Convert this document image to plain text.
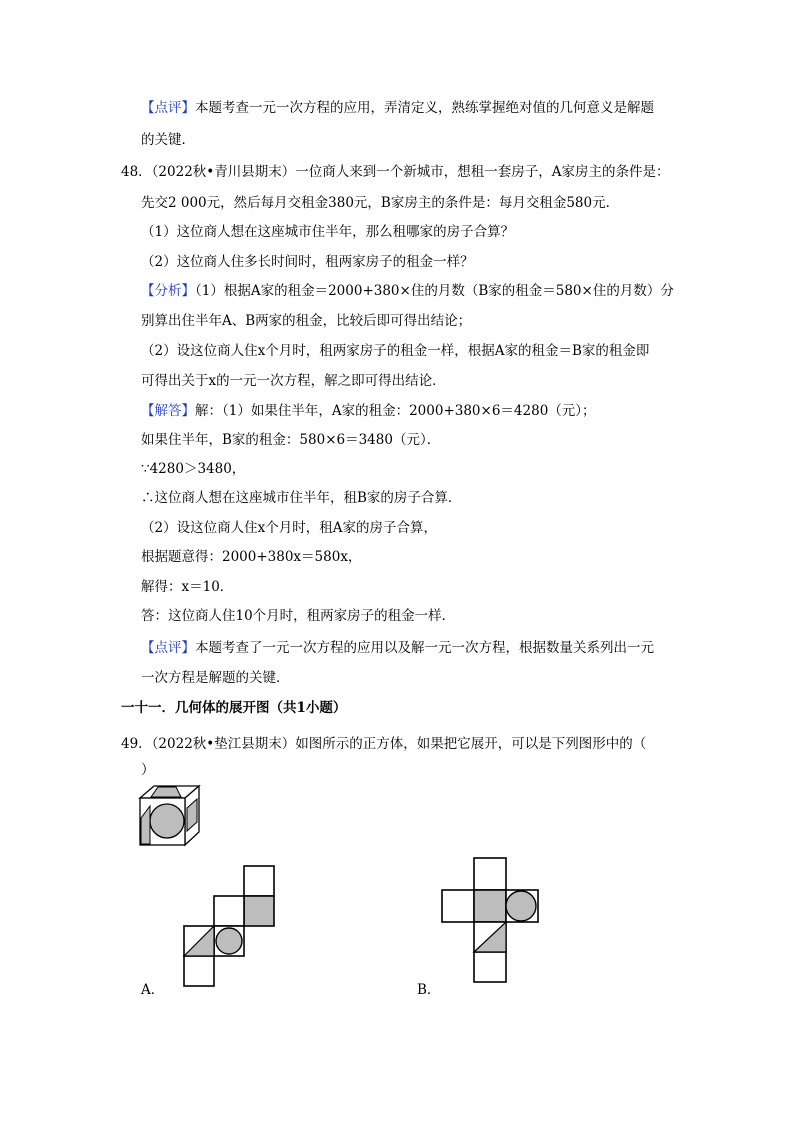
【点评】本题考查一元一次方程的应用，弄清定义，熟练掌握绝对值的几何意义是解题
的关键．
48．（2022秋•青川县期末）一位商人来到一个新城市，想租一套房子，A家房主的条件是：
先交2 000元，然后每月交租金380元，B家房主的条件是：每月交租金580元．
（1）这位商人想在这座城市住半年，那么租哪家的房子合算？
（2）这位商人住多长时间时，租两家房子的租金一样？
【分析】（1）根据A家的租金＝2000+380×住的月数（B家的租金＝580×住的月数）分
别算出住半年A、B两家的租金，比较后即可得出结论；
（2）设这位商人住x个月时，租两家房子的租金一样，根据A家的租金＝B家的租金即
可得出关于x的一元一次方程，解之即可得出结论．
【解答】解：（1）如果住半年，A家的租金：2000+380×6＝4280（元）；
如果住半年，B家的租金：580×6＝3480（元）．
∵4280＞3480，
∴这位商人想在这座城市住半年，租B家的房子合算．
（2）设这位商人住x个月时，租A家的房子合算，
根据题意得：2000+380x＝580x，
解得：x＝10．
答：这位商人住10个月时，租两家房子的租金一样．
【点评】本题考查了一元一次方程的应用以及解一元一次方程，根据数量关系列出一元
一次方程是解题的关键．
一十一．几何体的展开图（共1小题）
49．（2022秋•垫江县期末）如图所示的正方体，如果把它展开，可以是下列图形中的（
）
A．	B．
